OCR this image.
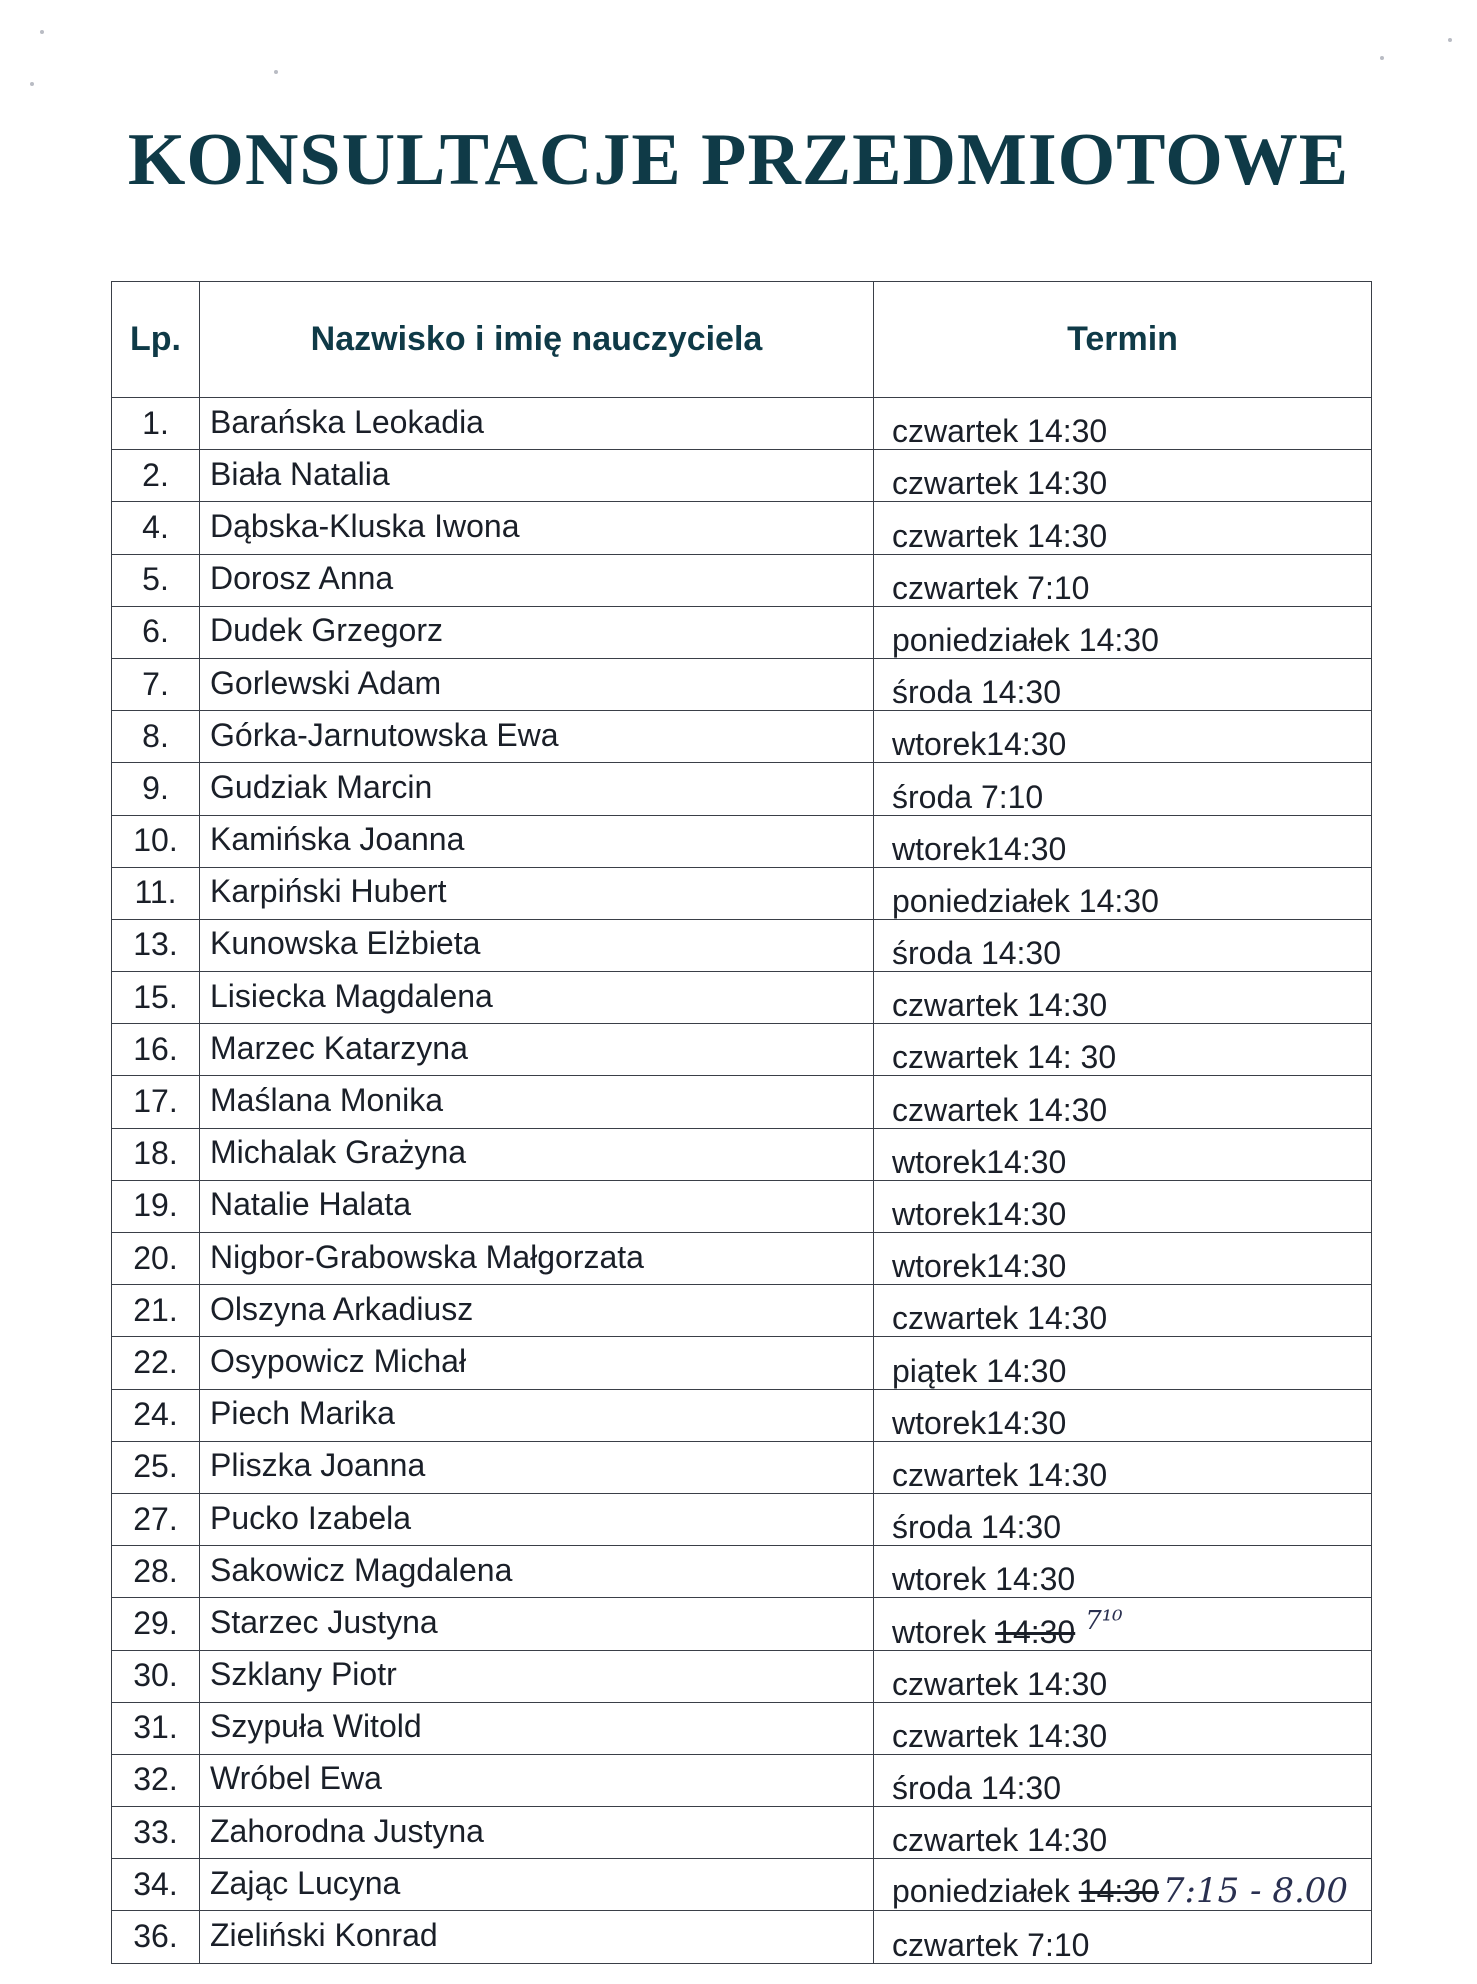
KONSULTACJE PRZEDMIOTOWE
Lp.	Nazwisko i imię nauczyciela	Termin
1.	Barańska Leokadia	czwartek 14:30
2.	Biała Natalia	czwartek 14:30
4.	Dąbska-Kluska Iwona	czwartek 14:30
5.	Dorosz Anna	czwartek 7:10
6.	Dudek Grzegorz	poniedziałek 14:30
7.	Gorlewski Adam	środa 14:30
8.	Górka-Jarnutowska Ewa	wtorek14:30
9.	Gudziak Marcin	środa 7:10
10.	Kamińska Joanna	wtorek14:30
11.	Karpiński Hubert	poniedziałek 14:30
13.	Kunowska Elżbieta	środa 14:30
15.	Lisiecka Magdalena	czwartek 14:30
16.	Marzec Katarzyna	czwartek 14: 30
17.	Maślana Monika	czwartek 14:30
18.	Michalak Grażyna	wtorek14:30
19.	Natalie Halata	wtorek14:30
20.	Nigbor-Grabowska Małgorzata	wtorek14:30
21.	Olszyna Arkadiusz	czwartek 14:30
22.	Osypowicz Michał	piątek 14:30
24.	Piech Marika	wtorek14:30
25.	Pliszka Joanna	czwartek 14:30
27.	Pucko Izabela	środa 14:30
28.	Sakowicz Magdalena	wtorek 14:30
29.	Starzec Justyna	wtorek 14:30 $^{7^{10}}$
30.	Szklany Piotr	czwartek 14:30
31.	Szypuła Witold	czwartek 14:30
32.	Wróbel Ewa	środa 14:30
33.	Zahorodna Justyna	czwartek 14:30
34.	Zając Lucyna	poniedziałek 14:30 7:15 - 8.00
36.	Zieliński Konrad	czwartek 7:10
